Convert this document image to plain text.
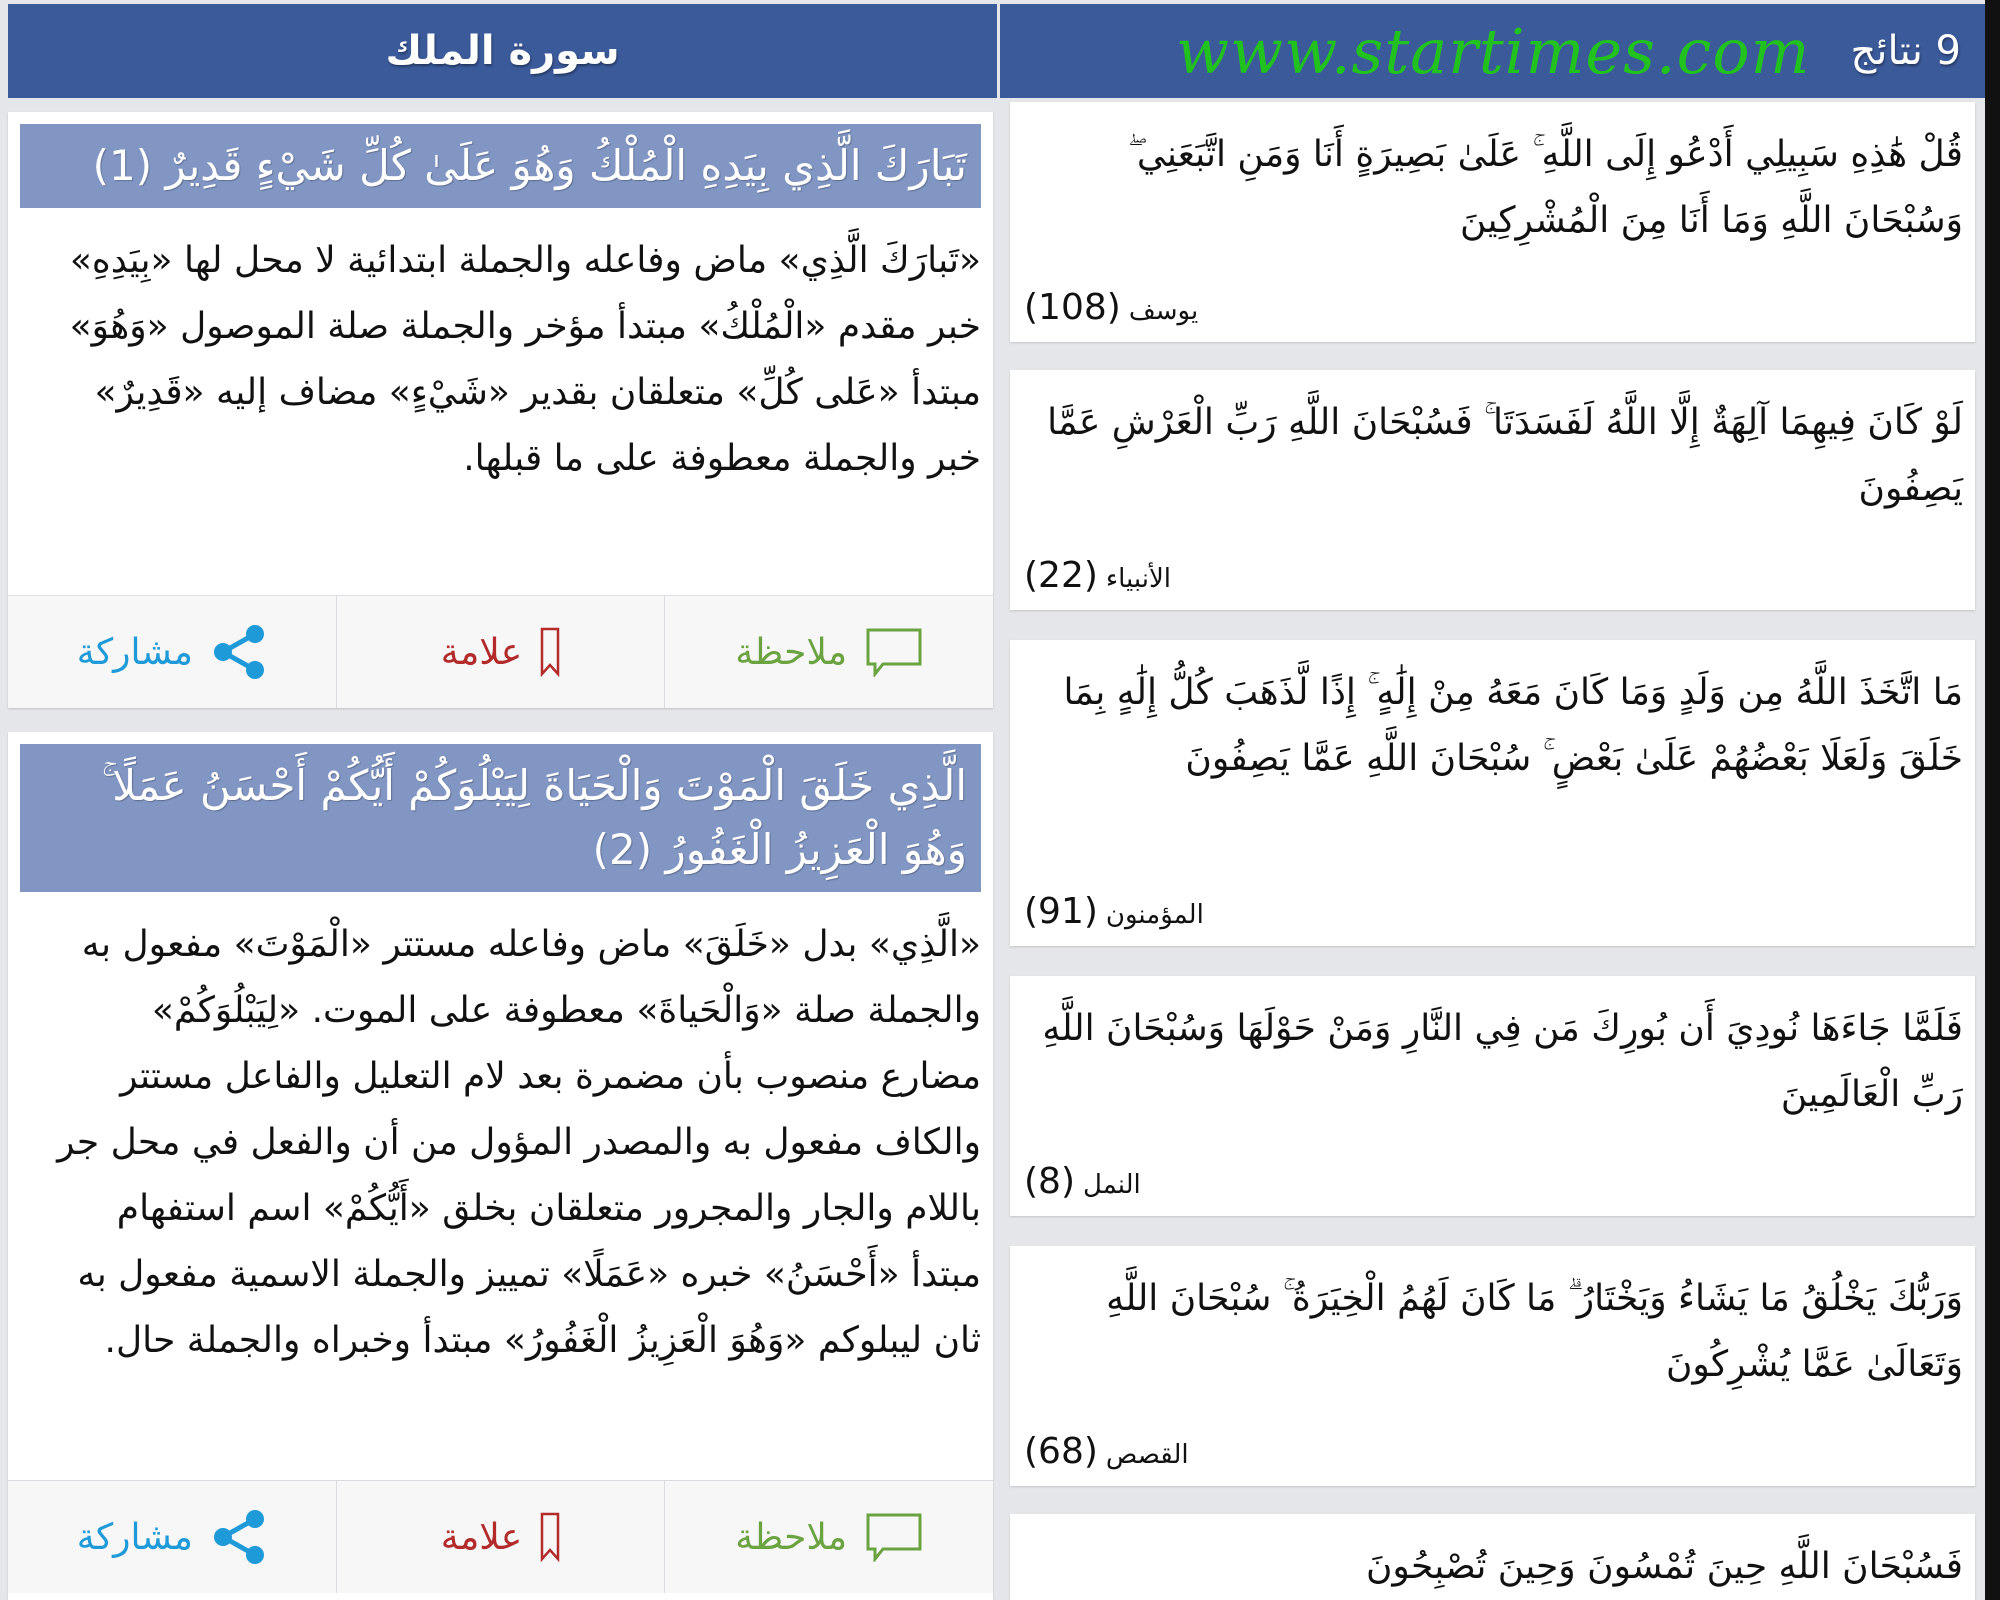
سورة الملك
تَبَارَكَ الَّذِي بِيَدِهِ الْمُلْكُ وَهُوَ عَلَىٰ كُلِّ شَيْءٍ قَدِيرٌ (1)
«تَبارَكَ الَّذِي» ماض وفاعله والجملة ابتدائية لا محل لها «بِيَدِهِ» خبر مقدم «الْمُلْكُ» مبتدأ مؤخر والجملة صلة الموصول «وَهُوَ» مبتدأ «عَلى كُلِّ» متعلقان بقدير «شَيْءٍ» مضاف إليه «قَدِيرٌ» خبر والجملة معطوفة على ما قبلها.
ملاحظة
علامة
مشاركة
الَّذِي خَلَقَ الْمَوْتَ وَالْحَيَاةَ لِيَبْلُوَكُمْ أَيُّكُمْ أَحْسَنُ عَمَلًا ۚ وَهُوَ الْعَزِيزُ الْغَفُورُ (2)
«الَّذِي» بدل «خَلَقَ» ماض وفاعله مستتر «الْمَوْتَ» مفعول به والجملة صلة «وَالْحَياةَ» معطوفة على الموت. «لِيَبْلُوَكُمْ» مضارع منصوب بأن مضمرة بعد لام التعليل والفاعل مستتر والكاف مفعول به والمصدر المؤول من أن والفعل في محل جر باللام والجار والمجرور متعلقان بخلق «أَيُّكُمْ» اسم استفهام مبتدأ «أَحْسَنُ» خبره «عَمَلًا» تمييز والجملة الاسمية مفعول به ثان ليبلوكم «وَهُوَ الْعَزِيزُ الْغَفُورُ» مبتدأ وخبراه والجملة حال.
ملاحظة
علامة
مشاركة
9 نتائج
www.startimes.com
قُلْ هَٰذِهِ سَبِيلِي أَدْعُو إِلَى اللَّهِ ۚ عَلَىٰ بَصِيرَةٍ أَنَا وَمَنِ اتَّبَعَنِي ۖ وَسُبْحَانَ اللَّهِ وَمَا أَنَا مِنَ الْمُشْرِكِينَ
يوسف
(108)
لَوْ كَانَ فِيهِمَا آلِهَةٌ إِلَّا اللَّهُ لَفَسَدَتَا ۚ فَسُبْحَانَ اللَّهِ رَبِّ الْعَرْشِ عَمَّا يَصِفُونَ
الأنبياء
(22)
مَا اتَّخَذَ اللَّهُ مِن وَلَدٍ وَمَا كَانَ مَعَهُ مِنْ إِلَٰهٍ ۚ إِذًا لَّذَهَبَ كُلُّ إِلَٰهٍ بِمَا خَلَقَ وَلَعَلَا بَعْضُهُمْ عَلَىٰ بَعْضٍ ۚ سُبْحَانَ اللَّهِ عَمَّا يَصِفُونَ
المؤمنون
(91)
فَلَمَّا جَاءَهَا نُودِيَ أَن بُورِكَ مَن فِي النَّارِ وَمَنْ حَوْلَهَا وَسُبْحَانَ اللَّهِ رَبِّ الْعَالَمِينَ
النمل
(8)
وَرَبُّكَ يَخْلُقُ مَا يَشَاءُ وَيَخْتَارُ ۗ مَا كَانَ لَهُمُ الْخِيَرَةُ ۚ سُبْحَانَ اللَّهِ وَتَعَالَىٰ عَمَّا يُشْرِكُونَ
القصص
(68)
فَسُبْحَانَ اللَّهِ حِينَ تُمْسُونَ وَحِينَ تُصْبِحُونَ
